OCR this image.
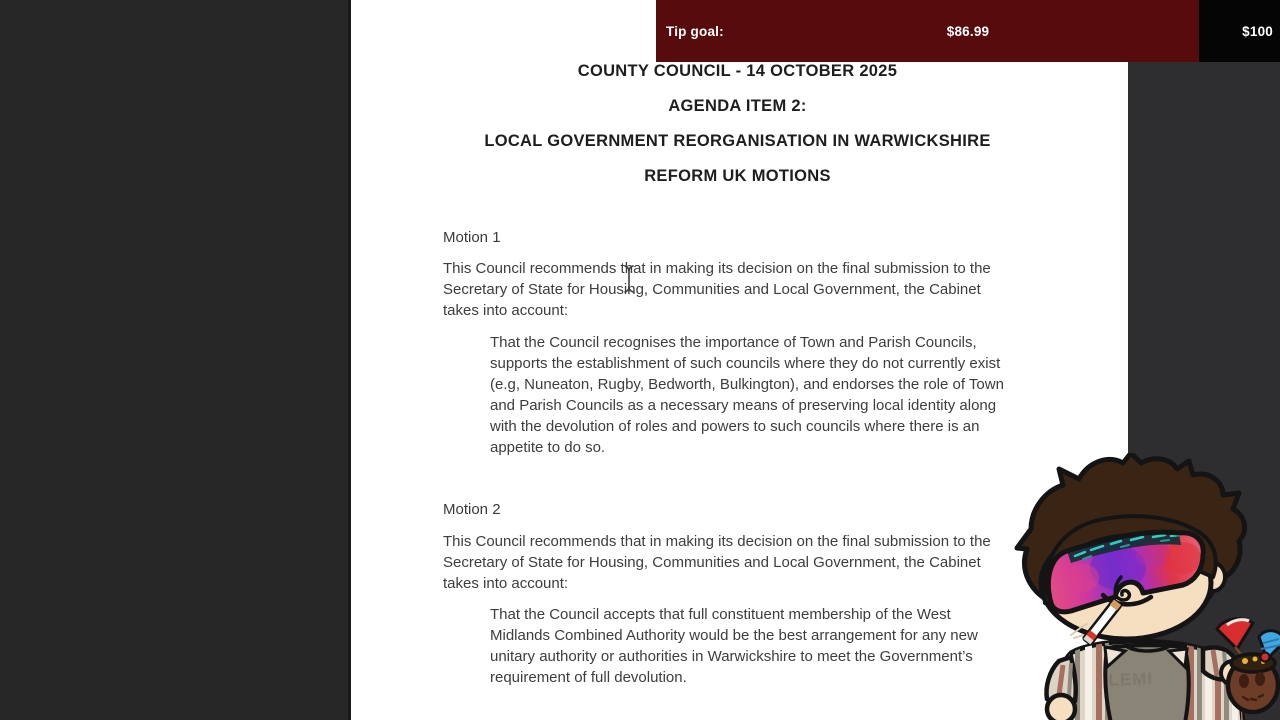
COUNTY COUNCIL - 14 OCTOBER 2025
AGENDA ITEM 2:
LOCAL GOVERNMENT REORGANISATION IN WARWICKSHIRE
REFORM UK MOTIONS
Motion 1
This Council recommends that in making its decision on the final submission to the
Secretary of State for Housing, Communities and Local Government, the Cabinet
takes into account:
That the Council recognises the importance of Town and Parish Councils,
supports the establishment of such councils where they do not currently exist
(e.g, Nuneaton, Rugby, Bedworth, Bulkington), and endorses the role of Town
and Parish Councils as a necessary means of preserving local identity along
with the devolution of roles and powers to such councils where there is an
appetite to do so.
Motion 2
This Council recommends that in making its decision on the final submission to the
Secretary of State for Housing, Communities and Local Government, the Cabinet
takes into account:
That the Council accepts that full constituent membership of the West
Midlands Combined Authority would be the best arrangement for any new
unitary authority or authorities in Warwickshire to meet the Government’s
requirement of full devolution.
Tip goal:	$86.99	$100
LEMI
